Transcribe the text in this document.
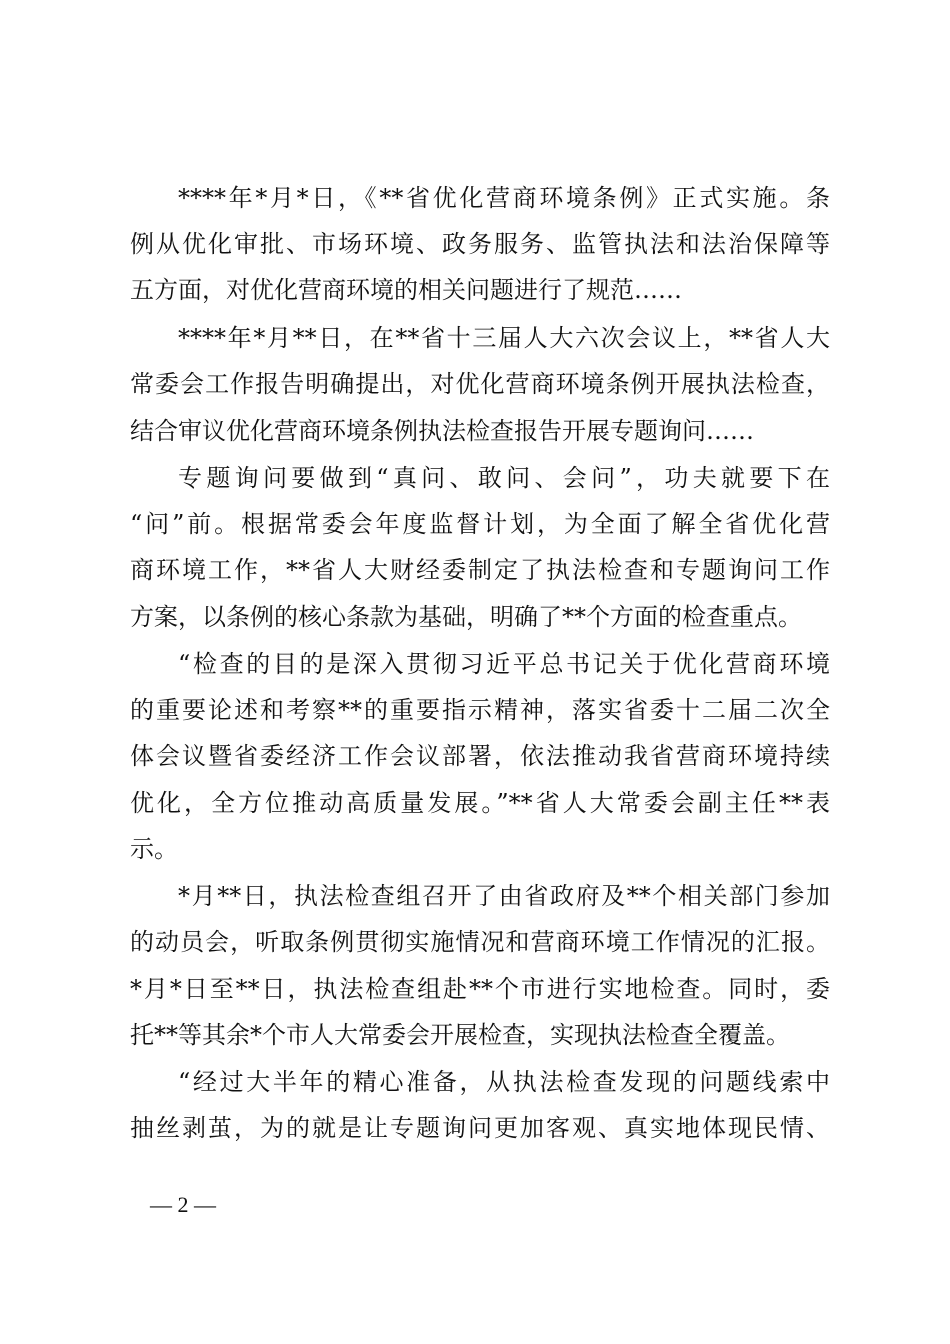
****年*月*日，《**省优化营商环境条例》正式实施。条
例从优化审批、市场环境、政务服务、监管执法和法治保障等
五方面，对优化营商环境的相关问题进行了规范……
****年*月**日，在**省十三届人大六次会议上，**省人大
常委会工作报告明确提出，对优化营商环境条例开展执法检查，
结合审议优化营商环境条例执法检查报告开展专题询问……
专题询问要做到“真问、敢问、会问”，功夫就要下在
“问”前。根据常委会年度监督计划，为全面了解全省优化营
商环境工作，**省人大财经委制定了执法检查和专题询问工作
方案，以条例的核心条款为基础，明确了**个方面的检查重点。
“检查的目的是深入贯彻习近平总书记关于优化营商环境
的重要论述和考察**的重要指示精神，落实省委十二届二次全
体会议暨省委经济工作会议部署，依法推动我省营商环境持续
优化，全方位推动高质量发展。”**省人大常委会副主任**表
示。
*月**日，执法检查组召开了由省政府及**个相关部门参加
的动员会，听取条例贯彻实施情况和营商环境工作情况的汇报。
*月*日至**日，执法检查组赴**个市进行实地检查。同时，委
托**等其余*个市人大常委会开展检查，实现执法检查全覆盖。
“经过大半年的精心准备，从执法检查发现的问题线索中
抽丝剥茧，为的就是让专题询问更加客观、真实地体现民情、
— 2 —
